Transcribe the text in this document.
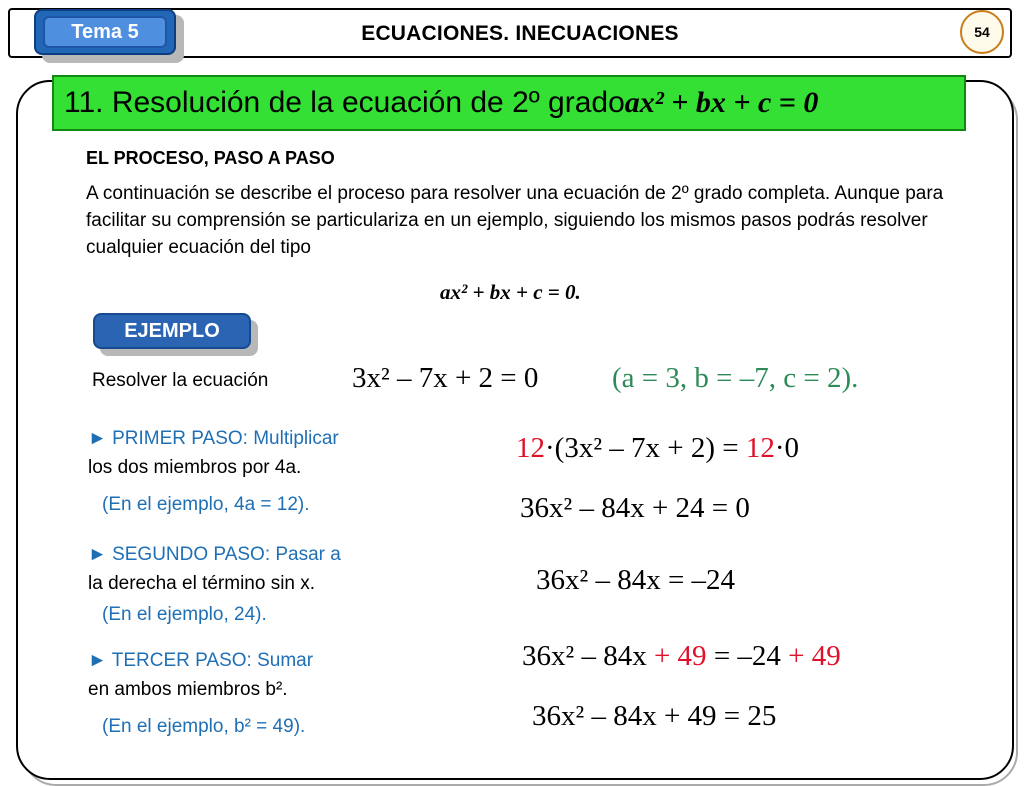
Tema 5	ECUACIONES. INECUACIONES	54
11. Resolución de la ecuación de 2º grado ax² + bx + c = 0
EL PROCESO, PASO A PASO
A continuación se describe el proceso para resolver una ecuación de 2º grado completa. Aunque para facilitar su comprensión se particulariza en un ejemplo, siguiendo los mismos pasos podrás resolver cualquier ecuación del tipo
ax² + bx + c = 0.
EJEMPLO
Resolver la ecuación	3x² – 7x + 2 = 0	(a = 3, b = –7, c = 2).
► PRIMER PASO: Multiplicar
los dos miembros por 4a.
(En el ejemplo, 4a = 12).
► SEGUNDO PASO: Pasar a
la derecha el término sin x.
(En el ejemplo, 24).
► TERCER PASO: Sumar
en ambos miembros b².
(En el ejemplo, b² = 49).
12·(3x² – 7x + 2) = 12·0
36x² – 84x + 24 = 0
36x² – 84x = –24
36x² – 84x + 49 = –24 + 49
36x² – 84x + 49 = 25
